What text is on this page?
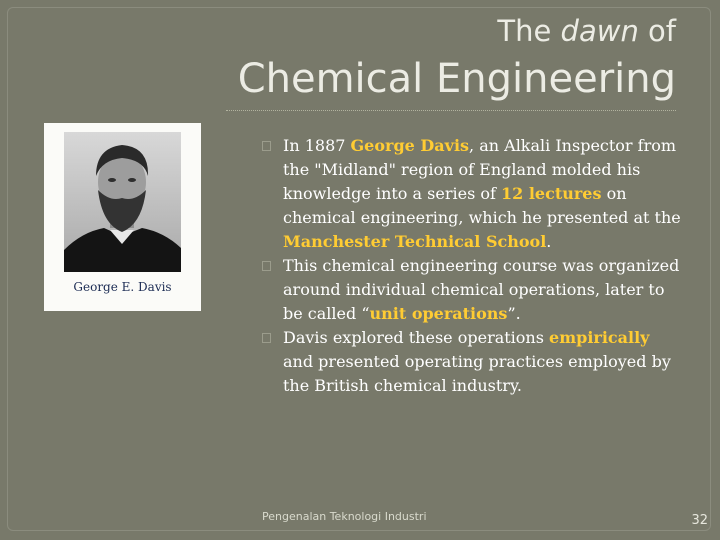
The dawn of
Chemical Engineering
George E. Davis
In 1887 George Davis, an Alkali Inspector from the "Midland" region of England molded his knowledge into a series of 12 lectures on chemical engineering, which he presented at the Manchester Technical School.
This chemical engineering course was organized around individual chemical operations, later to be called “unit operations”.
Davis explored these operations empirically and presented operating practices employed by the British chemical industry.
Pengenalan Teknologi Industri	32
